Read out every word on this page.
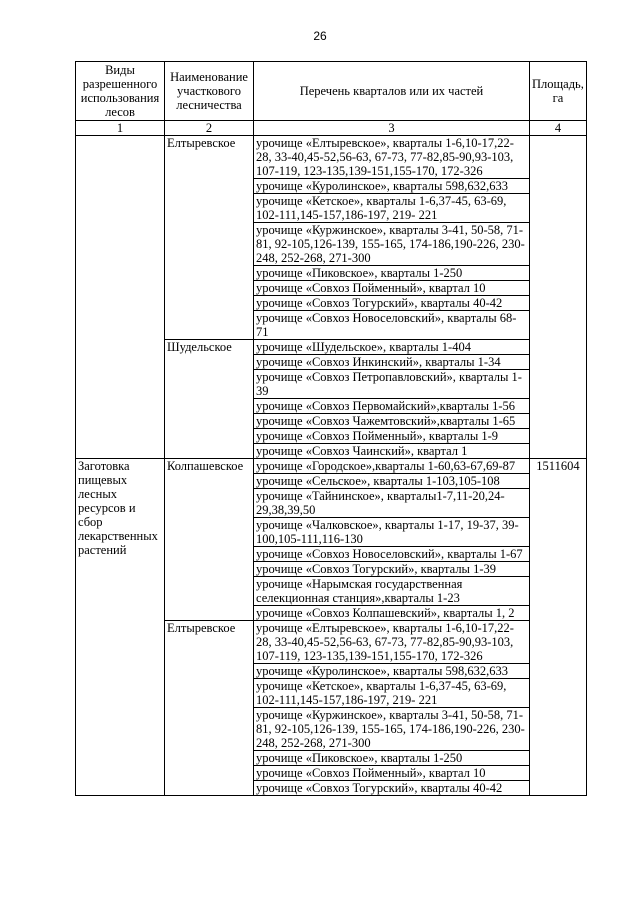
26
Виды разрешенного использования лесов	Наименование участкового лесничества	Перечень кварталов или их частей	Площадь, га
1	2	3	4
	Елтыревское	урочище «Елтыревское», кварталы 1-6,10-17,22-28, 33-40,45-52,56-63, 67-73, 77-82,85-90,93-103, 107-119, 123-135,139-151,155-170, 172-326	
		урочище «Куролинское», кварталы 598,632,633	
		урочище «Кетское», кварталы 1-6,37-45, 63-69, 102-111,145-157,186-197, 219- 221	
		урочище «Куржинское», кварталы 3-41, 50-58, 71-81, 92-105,126-139, 155-165, 174-186,190-226, 230-248, 252-268, 271-300	
		урочище «Пиковское», кварталы 1-250	
		урочище «Совхоз Поймeнный», квартал 10	
		урочище «Совхоз Тогурский», кварталы 40-42	
		урочище «Совхоз Новоселовский», кварталы 68-71	
	Шудельское	урочище «Шудельское», кварталы 1-404	
		урочище «Совхоз Инкинский», кварталы 1-34	
		урочище «Совхоз Петропавловский», кварталы 1-39	
		урочище «Совхоз Первомайский»,кварталы 1-56	
		урочище «Совхоз Чажемтовский»,кварталы 1-65	
		урочище «Совхоз Пойменный», кварталы 1-9	
		урочище «Совхоз Чаинский», квартал 1	
Заготовка пищевых лесных ресурсов и сбор лекарственных растений	Колпашевское	урочище «Городское»,кварталы 1-60,63-67,69-87	1511604
		урочище «Сельское», кварталы 1-103,105-108	
		урочище «Тайнинское», кварталы1-7,11-20,24-29,38,39,50	
		урочище «Чалковское», кварталы 1-17, 19-37, 39-100,105-111,116-130	
		урочище «Совхоз Новоселовский», кварталы 1-67	
		урочище «Совхоз Тогурский», кварталы 1-39	
		урочище «Нарымская государственная селекционная станция»,кварталы 1-23	
		урочище «Совхоз Колпашевский», кварталы 1, 2	
	Елтыревское	урочище «Елтыревское», кварталы 1-6,10-17,22-28, 33-40,45-52,56-63, 67-73, 77-82,85-90,93-103, 107-119, 123-135,139-151,155-170, 172-326	
		урочище «Куролинское», кварталы 598,632,633	
		урочище «Кетское», кварталы 1-6,37-45, 63-69, 102-111,145-157,186-197, 219- 221	
		урочище «Куржинское», кварталы 3-41, 50-58, 71-81, 92-105,126-139, 155-165, 174-186,190-226, 230-248, 252-268, 271-300	
		урочище «Пиковское», кварталы 1-250	
		урочище «Совхоз Пойменный», квартал 10	
		урочище «Совхоз Тогурский», кварталы 40-42	
